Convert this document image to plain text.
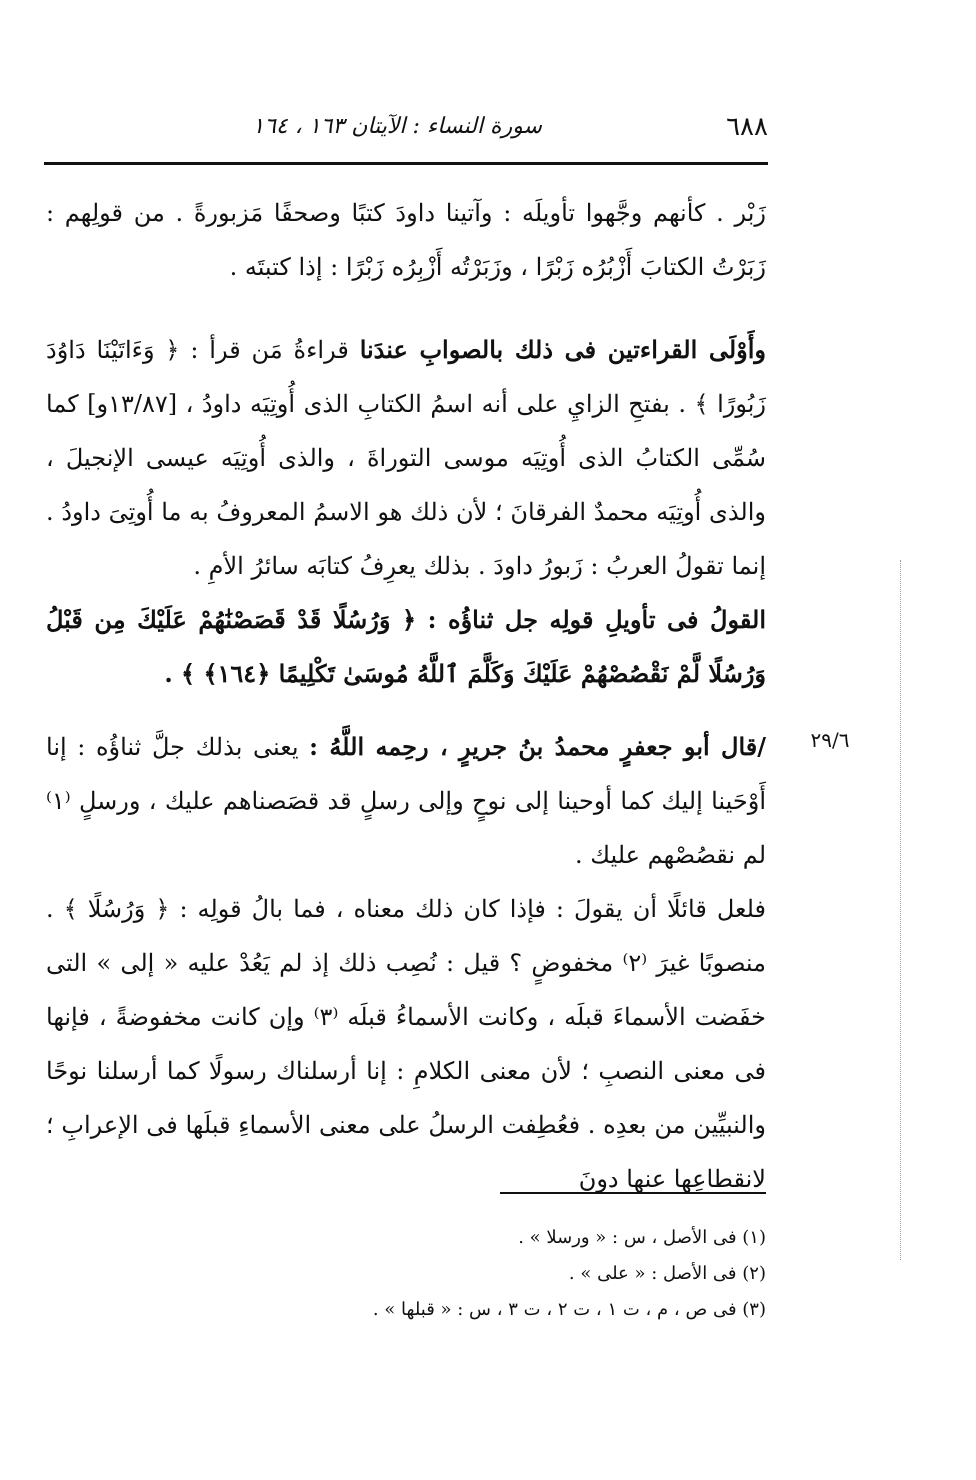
٦٨٨
سورة النساء : الآيتان ١٦٣ ، ١٦٤

زَبْر . كأنهم وجَّهوا تأويلَه : وآتينا داودَ كتبًا وصحفًا مَزبورةً . من قولِهم : زَبَرْتُ الكتابَ أَزْبُرُه زَبْرًا ، وزَبَرْتُه أَزْبِرُه زَبْرًا : إذا كتبتَه .

وأَوْلَى القراءتين فى ذلك بالصوابِ عندَنا قراءةُ مَن قرأ : ﴿ وَءَاتَيْنَا دَاوُدَ زَبُورًا ﴾ . بفتحِ الزايِ على أنه اسمُ الكتابِ الذى أُوتِيَه داودُ ، [١٣/٨٧و] كما سُمِّى الكتابُ الذى أُوتِيَه موسى التوراةَ ، والذى أُوتِيَه عيسى الإنجيلَ ، والذى أُوتِيَه محمدٌ الفرقانَ ؛ لأن ذلك هو الاسمُ المعروفُ به ما أُوتِىَ داودُ . إنما تقولُ العربُ : زَبورُ داودَ . بذلك يعرِفُ كتابَه سائرُ الأمِ .

القولُ فى تأويلِ قولِه جل ثناؤُه : ﴿ وَرُسُلًا قَدْ قَصَصْنَٰهُمْ عَلَيْكَ مِن قَبْلُ وَرُسُلًا لَّمْ نَقْصُصْهُمْ عَلَيْكَ وَكَلَّمَ ٱللَّهُ مُوسَىٰ تَكْلِيمًا ﴿١٦٤﴾ ﴾ .

٢٩/٦

/قال أبو جعفرٍ محمدُ بنُ جريرٍ ، رحِمه اللَّهُ : يعنى بذلك جلَّ ثناؤُه : إنا أَوْحَينا إليك كما أوحينا إلى نوحٍ وإلى رسلٍ قد قصَصناهم عليك ، ورسلٍ ⁽١⁾ لم نقصُصْهم عليك .

فلعل قائلًا أن يقولَ : فإذا كان ذلك معناه ، فما بالُ قولِه : ﴿ وَرُسُلًا ﴾ . منصوبًا غيرَ ⁽٢⁾ مخفوضٍ ؟ قيل : نُصِب ذلك إذ لم يَعُدْ عليه « إلى » التى خفَضت الأسماءَ قبلَه ، وكانت الأسماءُ قبلَه ⁽٣⁾ وإن كانت مخفوضةً ، فإنها فى معنى النصبِ ؛ لأن معنى الكلامِ : إنا أرسلناك رسولًا كما أرسلنا نوحًا والنبيِّين من بعدِه . فعُطِفت الرسلُ على معنى الأسماءِ قبلَها فى الإعرابِ ؛ لانقطاعِها عنها دونَ

(١) فى الأصل ، س : « ورسلا » .

(٢) فى الأصل : « على » .

(٣) فى ص ، م ، ت ١ ، ت ٢ ، ت ٣ ، س : « قبلها » .
